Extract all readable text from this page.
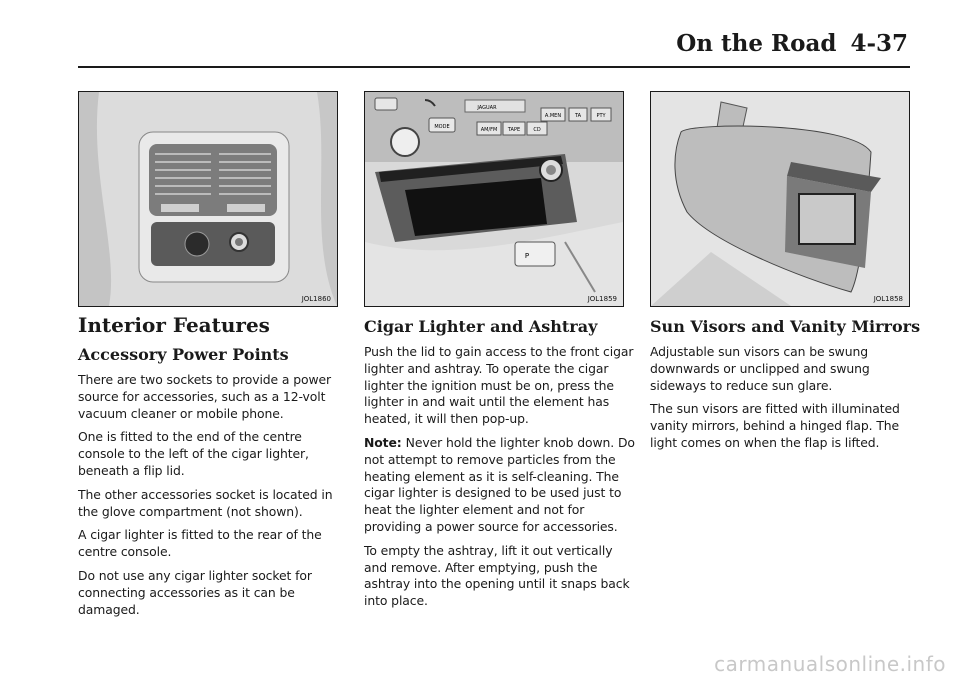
On the Road 4-37
JOL1860
MODE
JAGUAR
AM/FM TAPE	CD
A.MEN	TA	PTY
P
JOL1859	JOL1858
Interior Features
Accessory Power Points

There are two sockets to provide a power source for accessories, such as a 12-volt vacuum cleaner or mobile phone.

One is fitted to the end of the centre console to the left of the cigar lighter, beneath a flip lid.

The other accessories socket is located in the glove compartment (not shown).

A cigar lighter is fitted to the rear of the centre console.

Do not use any cigar lighter socket for connecting accessories as it can be damaged.

Cigar Lighter and Ashtray

Push the lid to gain access to the front cigar lighter and ashtray. To operate the cigar lighter the ignition must be on, press the lighter in and wait until the element has heated, it will then pop-up.

Note: Never hold the lighter knob down. Do not attempt to remove particles from the heating element as it is self-cleaning. The cigar lighter is designed to be used just to heat the lighter element and not for providing a power source for accessories.

To empty the ashtray, lift it out vertically and remove. After emptying, push the ashtray into the opening until it snaps back into place.

Sun Visors and Vanity Mirrors

Adjustable sun visors can be swung downwards or unclipped and swung sideways to reduce sun glare.

The sun visors are fitted with illuminated vanity mirrors, behind a hinged flap. The light comes on when the flap is lifted.

carmanualsonline.info
